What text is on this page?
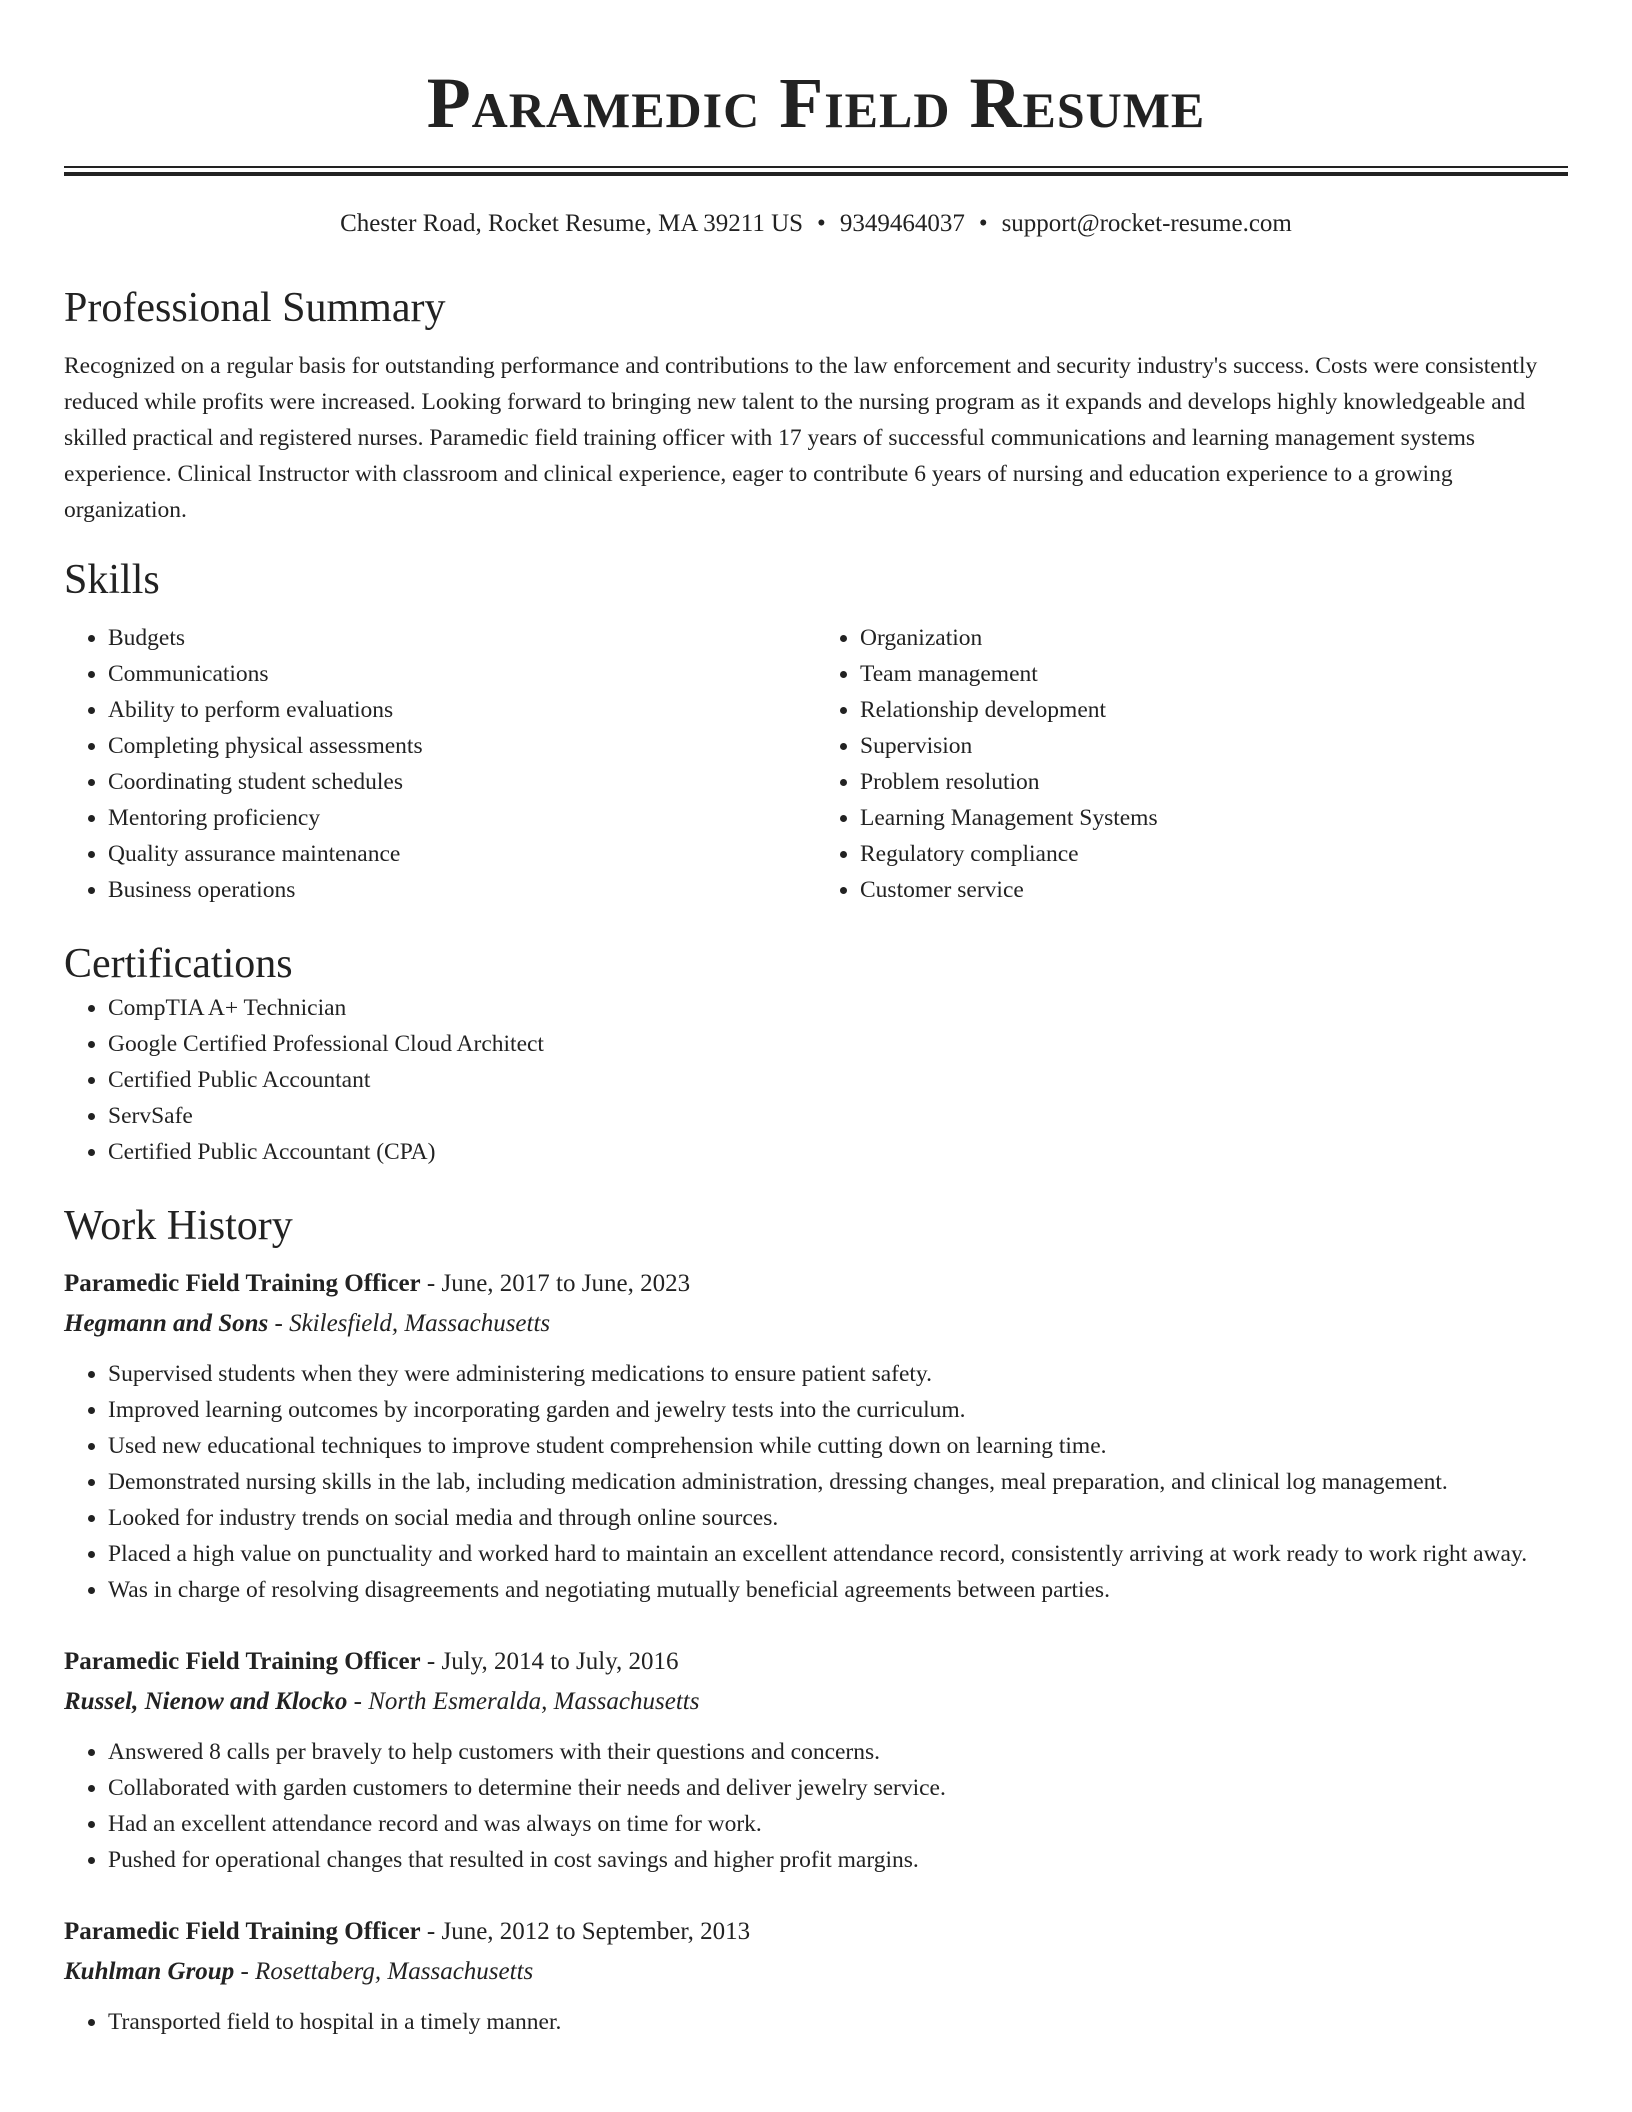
Paramedic Field Resume
Chester Road, Rocket Resume, MA 39211 US • 9349464037 • support@rocket-resume.com
Professional Summary

Recognized on a regular basis for outstanding performance and contributions to the law enforcement and security industry's success. Costs were consistently reduced while profits were increased. Looking forward to bringing new talent to the nursing program as it expands and develops highly knowledgeable and skilled practical and registered nurses. Paramedic field training officer with 17 years of successful communications and learning management systems experience. Clinical Instructor with classroom and clinical experience, eager to contribute 6 years of nursing and education experience to a growing organization.

Skills
• Budgets
• Communications
• Ability to perform evaluations
• Completing physical assessments
• Coordinating student schedules
• Mentoring proficiency
• Quality assurance maintenance
• Business operations
• Organization
• Team management
• Relationship development
• Supervision
• Problem resolution
• Learning Management Systems
• Regulatory compliance
• Customer service
Certifications
• CompTIA A+ Technician
• Google Certified Professional Cloud Architect
• Certified Public Accountant
• ServSafe
• Certified Public Accountant (CPA)
Work History
Paramedic Field Training Officer - June, 2017 to June, 2023
Hegmann and Sons - Skilesfield, Massachusetts
• Supervised students when they were administering medications to ensure patient safety.
• Improved learning outcomes by incorporating garden and jewelry tests into the curriculum.
• Used new educational techniques to improve student comprehension while cutting down on learning time.
• Demonstrated nursing skills in the lab, including medication administration, dressing changes, meal preparation, and clinical log management.
• Looked for industry trends on social media and through online sources.
• Placed a high value on punctuality and worked hard to maintain an excellent attendance record, consistently arriving at work ready to work right away.
• Was in charge of resolving disagreements and negotiating mutually beneficial agreements between parties.
Paramedic Field Training Officer - July, 2014 to July, 2016
Russel, Nienow and Klocko - North Esmeralda, Massachusetts
• Answered 8 calls per bravely to help customers with their questions and concerns.
• Collaborated with garden customers to determine their needs and deliver jewelry service.
• Had an excellent attendance record and was always on time for work.
• Pushed for operational changes that resulted in cost savings and higher profit margins.
Paramedic Field Training Officer - June, 2012 to September, 2013
Kuhlman Group - Rosettaberg, Massachusetts
• Transported field to hospital in a timely manner.
